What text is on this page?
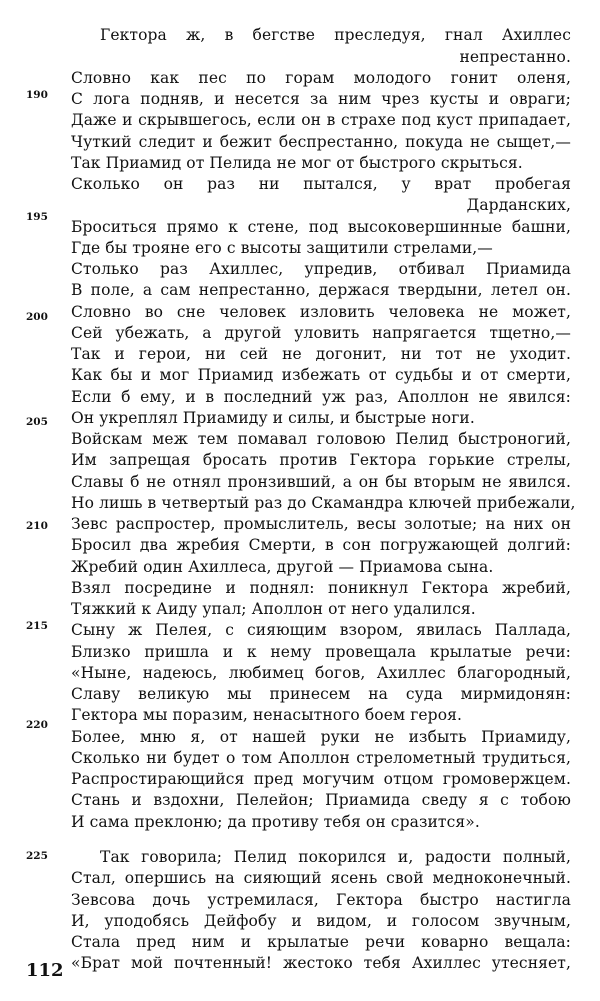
Гектора ж, в бегстве преследуя, гнал Ахиллес
непрестанно.
Словно как пес по горам молодого гонит оленя,
С лога подняв, и несется за ним чрез кусты и овраги;
Даже и скрывшегось, если он в страхе под куст припадает,
Чуткий следит и бежит беспрестанно, покуда не сыщет,—
Так Приамид от Пелида не мог от быстрого скрыться.
Сколько он раз ни пытался, у врат пробегая
Дарданских,
Броситься прямо к стене, под высоковершинные башни,
Где бы трояне его с высоты защитили стрелами,—
Столько раз Ахиллес, упредив, отбивал Приамида
В поле, а сам непрестанно, держася твердыни, летел он.
Словно во сне человек изловить человека не может,
Сей убежать, а другой уловить напрягается тщетно,—
Так и герои, ни сей не догонит, ни тот не уходит.
Как бы и мог Приамид избежать от судьбы и от смерти,
Если б ему, и в последний уж раз, Аполлон не явился:
Он укреплял Приамиду и силы, и быстрые ноги.
Войскам меж тем помавал головою Пелид быстроногий,
Им запрещая бросать против Гектора горькие стрелы,
Славы б не отнял пронзивший, а он бы вторым не явился.
Но лишь в четвертый раз до Скамандра ключей прибежали,
Зевс распростер, промыслитель, весы золотые; на них он
Бросил два жребия Смерти, в сон погружающей долгий:
Жребий один Ахиллеса, другой — Приамова сына.
Взял посредине и поднял: поникнул Гектора жребий,
Тяжкий к Аиду упал; Аполлон от него удалился.
Сыну ж Пелея, с сияющим взором, явилась Паллада,
Близко пришла и к нему провещала крылатые речи:
«Ныне, надеюсь, любимец богов, Ахиллес благородный,
Славу великую мы принесем на суда мирмидонян:
Гектора мы поразим, ненасытного боем героя.
Более, мню я, от нашей руки не избыть Приамиду,
Сколько ни будет о том Аполлон стрелометный трудиться,
Распростирающийся пред могучим отцом громовержцем.
Стань и вздохни, Пелейон; Приамида сведу я с тобою
И сама преклоню; да противу тебя он сразится».
Так говорила; Пелид покорился и, радости полный,
Стал, опершись на сияющий ясень свой медноконечный.
Зевсова дочь устремилася, Гектора быстро настигла
И, уподобясь Дейфобу и видом, и голосом звучным,
Стала пред ним и крылатые речи коварно вещала:
«Брат мой почтенный! жестоко тебя Ахиллес утесняет,
190
195
200
205
210
215
220
225
112
